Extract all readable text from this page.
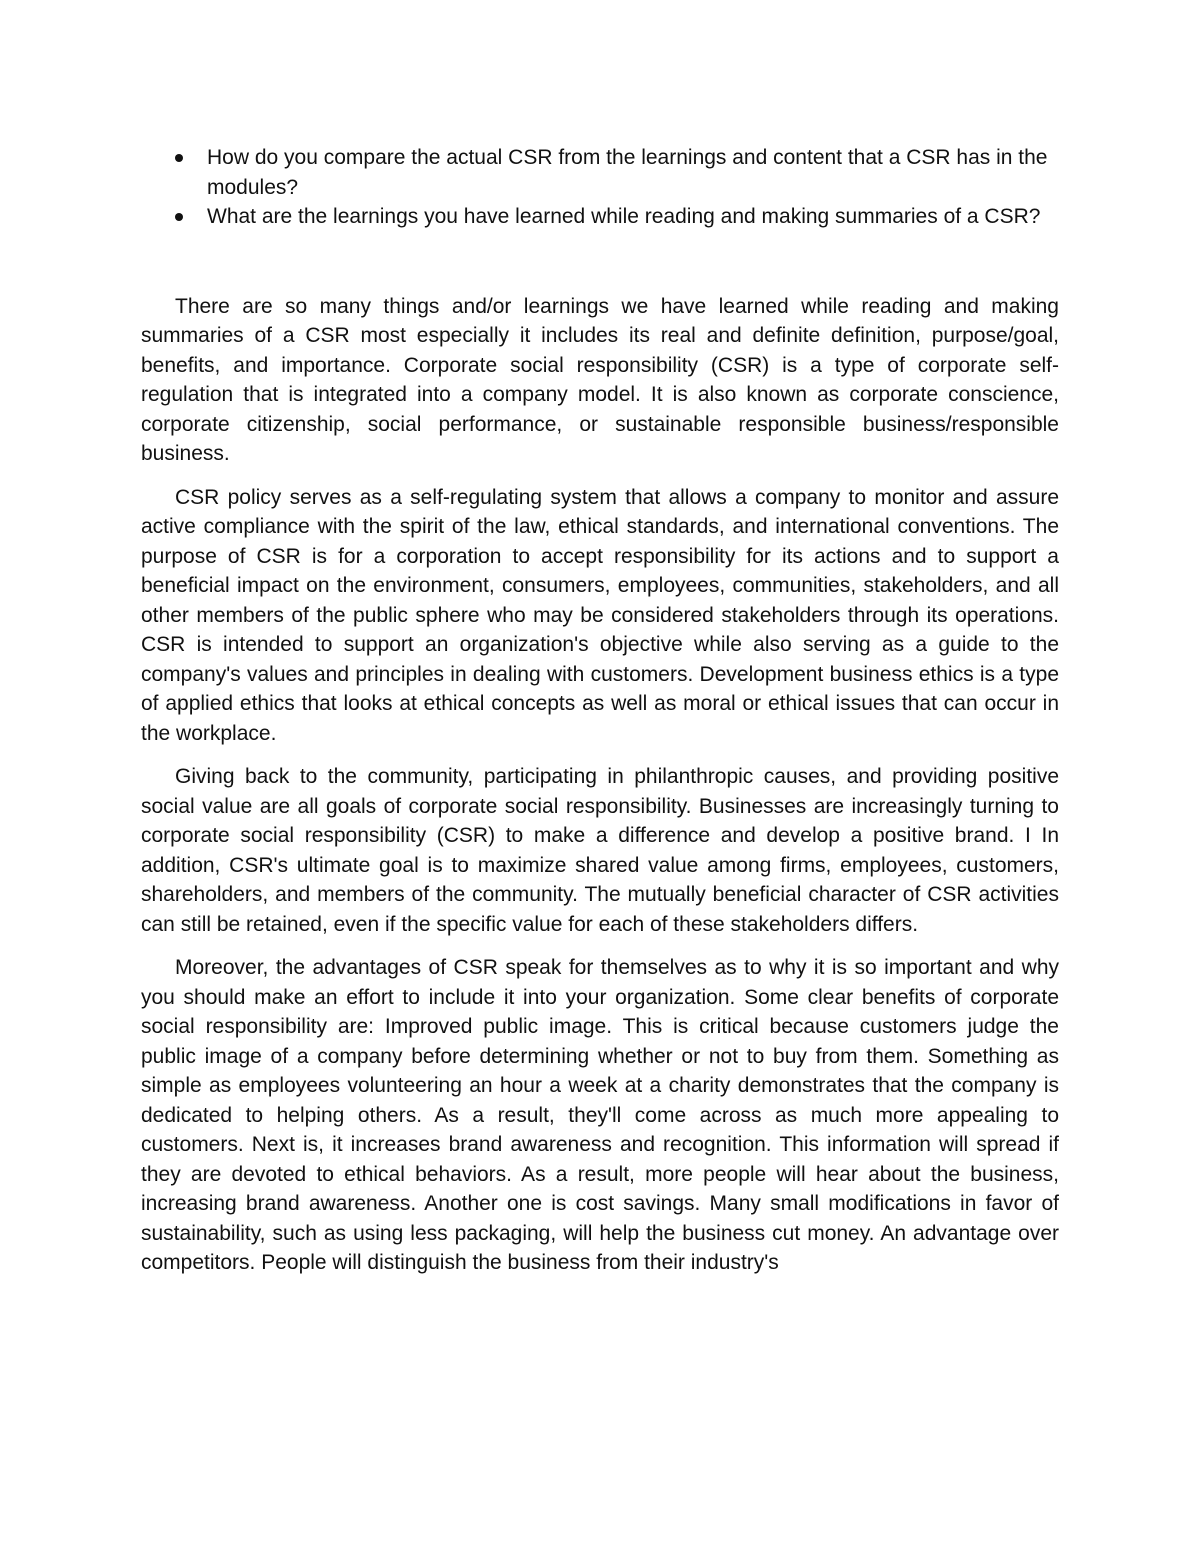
How do you compare the actual CSR from the learnings and content that a CSR has in the modules?
What are the learnings you have learned while reading and making summaries of a CSR?

There are so many things and/or learnings we have learned while reading and making summaries of a CSR most especially it includes its real and definite definition, purpose/goal, benefits, and importance. Corporate social responsibility (CSR) is a type of corporate self-regulation that is integrated into a company model. It is also known as corporate conscience, corporate citizenship, social performance, or sustainable responsible business/responsible business.

CSR policy serves as a self-regulating system that allows a company to monitor and assure active compliance with the spirit of the law, ethical standards, and international conventions. The purpose of CSR is for a corporation to accept responsibility for its actions and to support a beneficial impact on the environment, consumers, employees, communities, stakeholders, and all other members of the public sphere who may be considered stakeholders through its operations. CSR is intended to support an organization's objective while also serving as a guide to the company's values and principles in dealing with customers. Development business ethics is a type of applied ethics that looks at ethical concepts as well as moral or ethical issues that can occur in the workplace.

Giving back to the community, participating in philanthropic causes, and providing positive social value are all goals of corporate social responsibility. Businesses are increasingly turning to corporate social responsibility (CSR) to make a difference and develop a positive brand. I In addition, CSR's ultimate goal is to maximize shared value among firms, employees, customers, shareholders, and members of the community. The mutually beneficial character of CSR activities can still be retained, even if the specific value for each of these stakeholders differs.

Moreover, the advantages of CSR speak for themselves as to why it is so important and why you should make an effort to include it into your organization. Some clear benefits of corporate social responsibility are: Improved public image. This is critical because customers judge the public image of a company before determining whether or not to buy from them. Something as simple as employees volunteering an hour a week at a charity demonstrates that the company is dedicated to helping others. As a result, they'll come across as much more appealing to customers. Next is, it increases brand awareness and recognition. This information will spread if they are devoted to ethical behaviors. As a result, more people will hear about the business, increasing brand awareness. Another one is cost savings. Many small modifications in favor of sustainability, such as using less packaging, will help the business cut money. An advantage over competitors. People will distinguish the business from their industry's
